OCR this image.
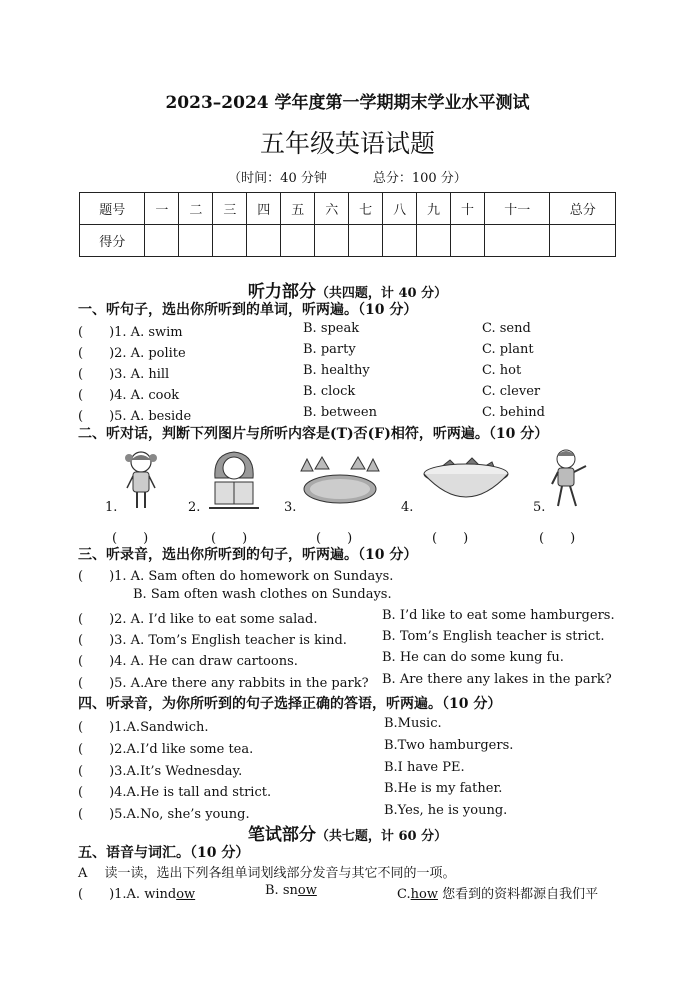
2023–2024 学年度第一学期期末学业水平测试
五年级英语试题
（时间：40 分钟	总分：100 分）
题号	一	二	三	四	五	六	七	八	九	十	十一	总分
得分												
听力部分（共四题，计 40 分）
一、听句子，选出你所听到的单词，听两遍。（10 分）
(　　)1. A. swim	B. speak	C. send
(　　)2. A. polite	B. party	C. plant
(　　)3. A. hill	B. healthy	C. hot
(　　)4. A. cook	B. clock	C. clever
(　　)5. A. beside	B. between	C. behind
二、听对话，判断下列图片与所听内容是(T)否(F)相符，听两遍。（10 分）
1.	2.	3.	4.	5.
(　　)	(　　)	(　　)	(　　)	(　　)
三、听录音，选出你所听到的句子，听两遍。（10 分）
(　　)1. A. Sam often do homework on Sundays.
B. Sam often wash clothes on Sundays.
(　　)2. A. I’d like to eat some salad.	B. I’d like to eat some hamburgers.
(　　)3. A. Tom’s English teacher is kind.	B. Tom’s English teacher is strict.
(　　)4. A. He can draw cartoons.	B. He can do some kung fu.
(　　)5. A.Are there any rabbits in the park? B. Are there any lakes in the park?
四、听录音，为你所听到的句子选择正确的答语，听两遍。（10 分）
(　　)1.A.Sandwich.	B.Music.
(　　)2.A.I’d like some tea.	B.Two hamburgers.
(　　)3.A.It’s Wednesday.	B.I have PE.
(　　)4.A.He is tall and strict.	B.He is my father.
(　　)5.A.No, she’s young.	B.Yes, he is young.
笔试部分（共七题，计 60 分）
五、语音与词汇。（10 分）
A　 读一读，选出下列各组单词划线部分发音与其它不同的一项。
(　　)1.A. window	B. snow	C.how 您看到的资料都源自我们平
